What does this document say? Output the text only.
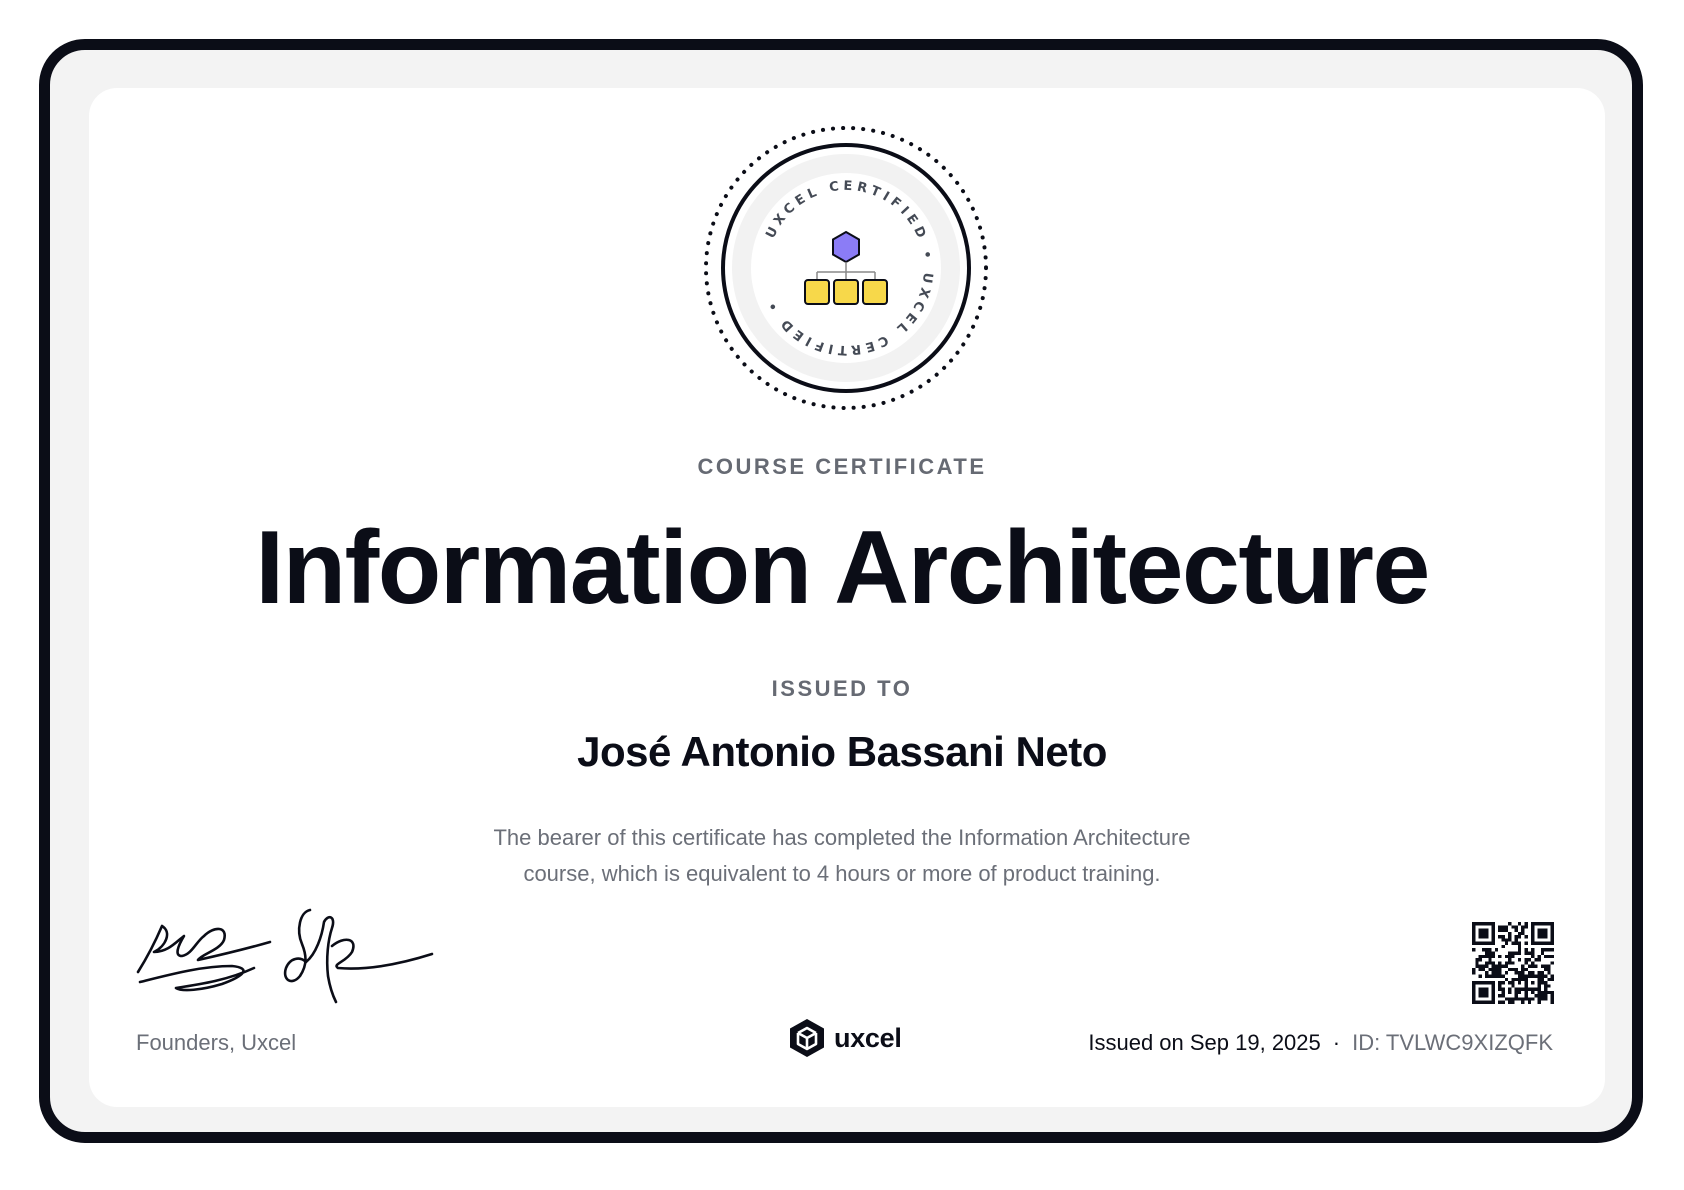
UXCEL CERTIFIED • UXCEL CERTIFIED •
COURSE CERTIFICATE
Information Architecture
ISSUED TO
José Antonio Bassani Neto
The bearer of this certificate has completed the Information Architecture
course, which is equivalent to 4 hours or more of product training.
Founders, Uxcel	uxcel	Issued on Sep 19, 2025 · ID: TVLWC9XIZQFK
